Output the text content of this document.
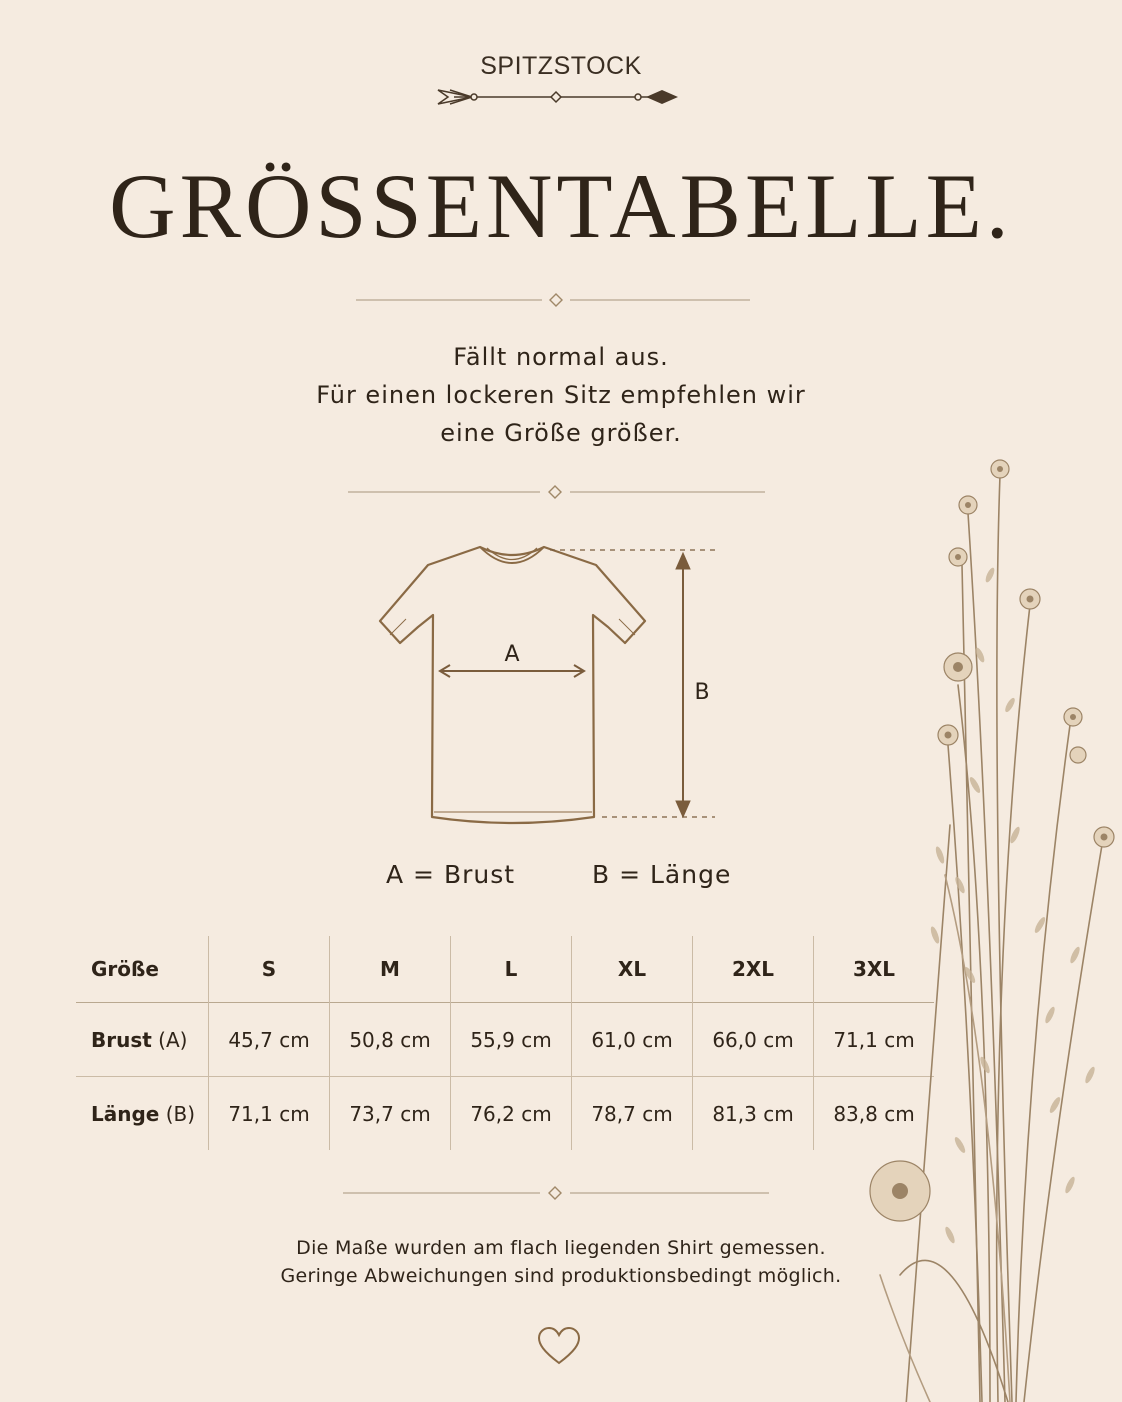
SPITZSTOCK
GRÖSSENTABELLE.
Fällt normal aus.
Für einen lockeren Sitz empfehlen wir
eine Größe größer.
A
B
A = Brust	B = Länge
Größe	S	M	L	XL	2XL	3XL
Brust (A)	45,7 cm	50,8 cm	55,9 cm	61,0 cm	66,0 cm	71,1 cm
Länge (B)	71,1 cm	73,7 cm	76,2 cm	78,7 cm	81,3 cm	83,8 cm
Die Maße wurden am flach liegenden Shirt gemessen.
Geringe Abweichungen sind produktionsbedingt möglich.
